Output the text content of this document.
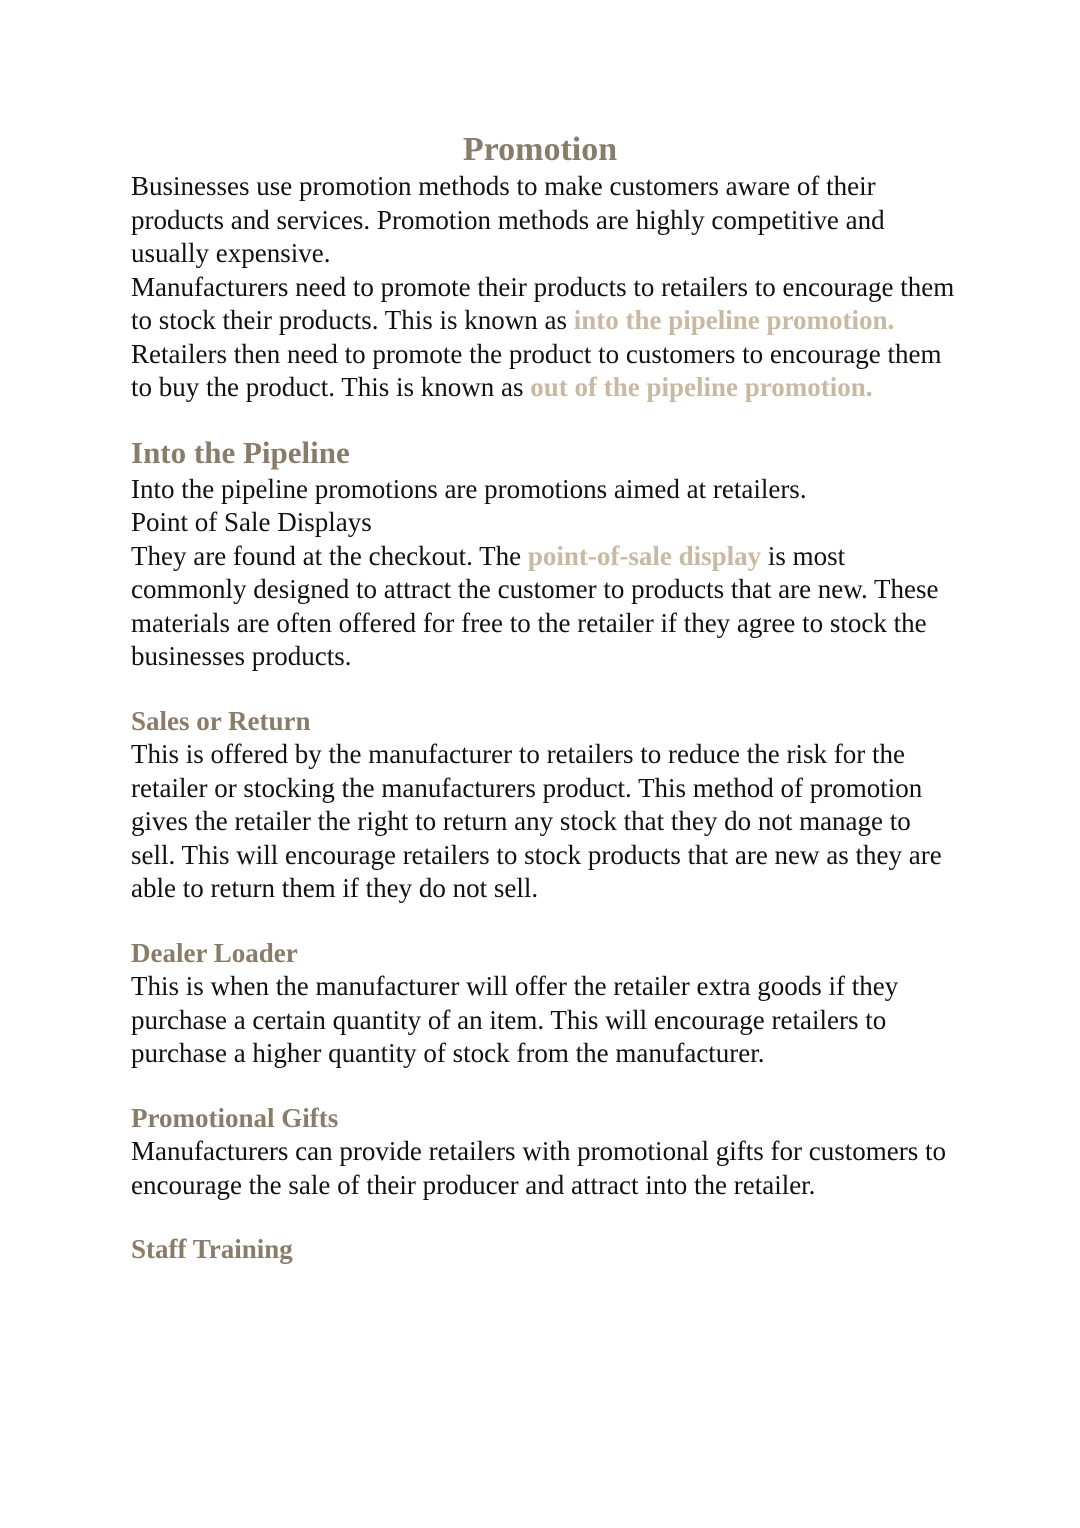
Promotion

Businesses use promotion methods to make customers aware of their products and services. Promotion methods are highly competitive and usually expensive.

Manufacturers need to promote their products to retailers to encourage them to stock their products. This is known as into the pipeline promotion.

Retailers then need to promote the product to customers to encourage them to buy the product. This is known as out of the pipeline promotion.

Into the Pipeline

Into the pipeline promotions are promotions aimed at retailers.

Point of Sale Displays

They are found at the checkout. The point-of-sale display is most commonly designed to attract the customer to products that are new. These materials are often offered for free to the retailer if they agree to stock the businesses products.

Sales or Return

This is offered by the manufacturer to retailers to reduce the risk for the retailer or stocking the manufacturers product. This method of promotion gives the retailer the right to return any stock that they do not manage to sell. This will encourage retailers to stock products that are new as they are able to return them if they do not sell.

Dealer Loader

This is when the manufacturer will offer the retailer extra goods if they purchase a certain quantity of an item. This will encourage retailers to purchase a higher quantity of stock from the manufacturer.

Promotional Gifts

Manufacturers can provide retailers with promotional gifts for customers to encourage the sale of their producer and attract into the retailer.

Staff Training
